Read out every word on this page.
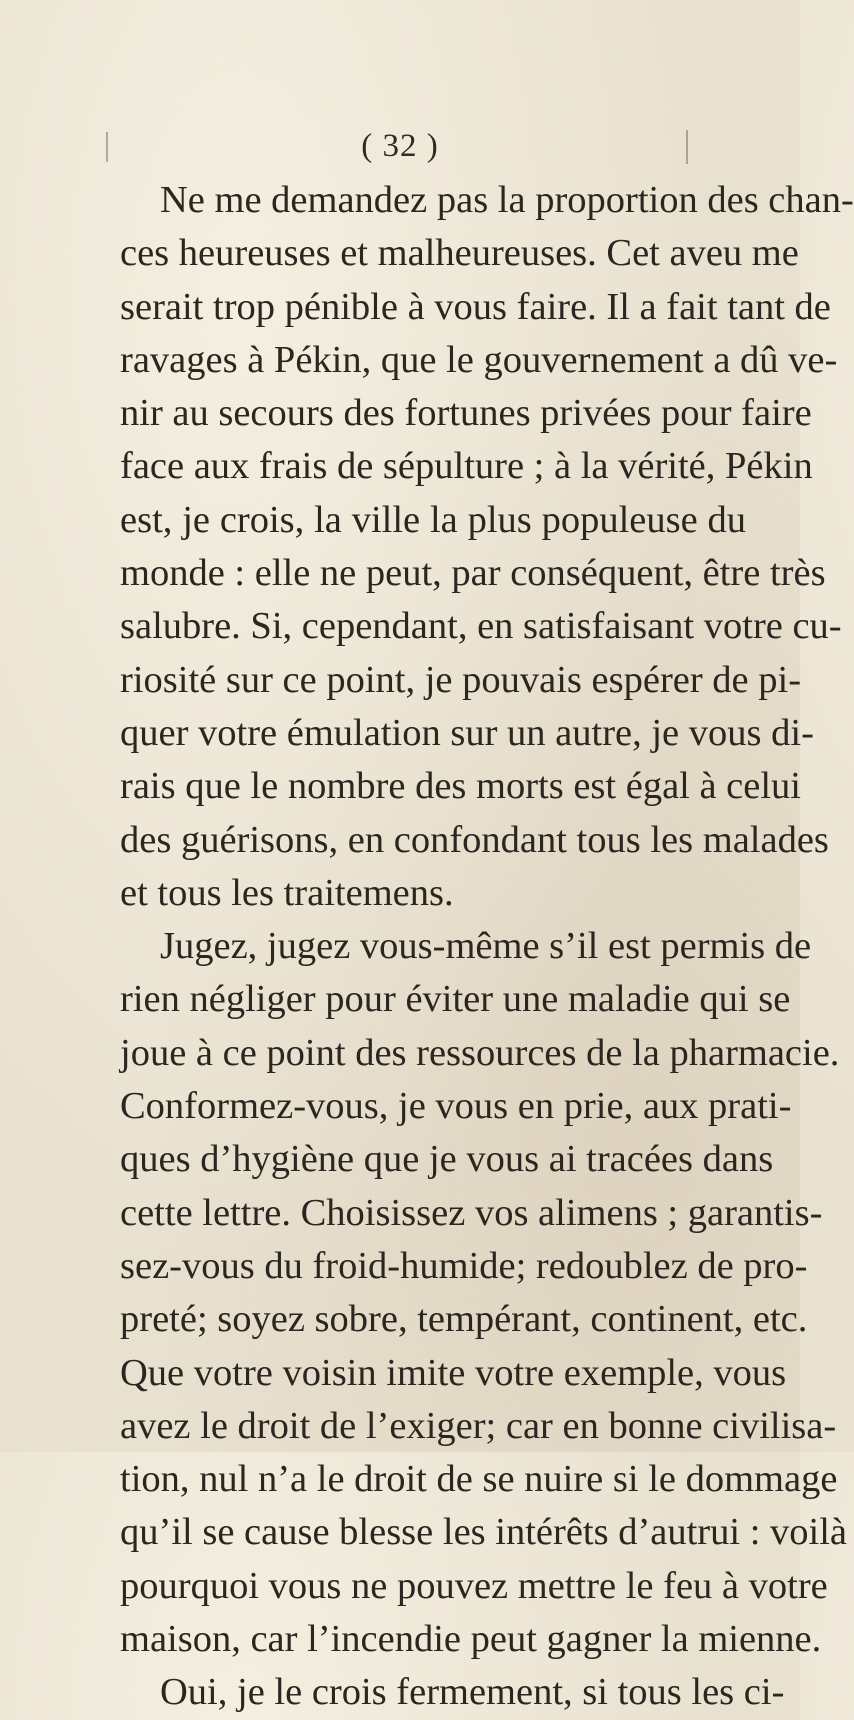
( 32 )
Ne me demandez pas la proportion des chan-
ces heureuses et malheureuses. Cet aveu me
serait trop pénible à vous faire. Il a fait tant de
ravages à Pékin, que le gouvernement a dû ve-
nir au secours des fortunes privées pour faire
face aux frais de sépulture ; à la vérité, Pékin
est, je crois, la ville la plus populeuse du
monde : elle ne peut, par conséquent, être très
salubre. Si, cependant, en satisfaisant votre cu-
riosité sur ce point, je pouvais espérer de pi-
quer votre émulation sur un autre, je vous di-
rais que le nombre des morts est égal à celui
des guérisons, en confondant tous les malades
et tous les traitemens.
Jugez, jugez vous-même s’il est permis de
rien négliger pour éviter une maladie qui se
joue à ce point des ressources de la pharmacie.
Conformez-vous, je vous en prie, aux prati-
ques d’hygiène que je vous ai tracées dans
cette lettre. Choisissez vos alimens ; garantis-
sez-vous du froid-humide; redoublez de pro-
preté; soyez sobre, tempérant, continent, etc.
Que votre voisin imite votre exemple, vous
avez le droit de l’exiger; car en bonne civilisa-
tion, nul n’a le droit de se nuire si le dommage
qu’il se cause blesse les intérêts d’autrui : voilà
pourquoi vous ne pouvez mettre le feu à votre
maison, car l’incendie peut gagner la mienne.
Oui, je le crois fermement, si tous les ci-
